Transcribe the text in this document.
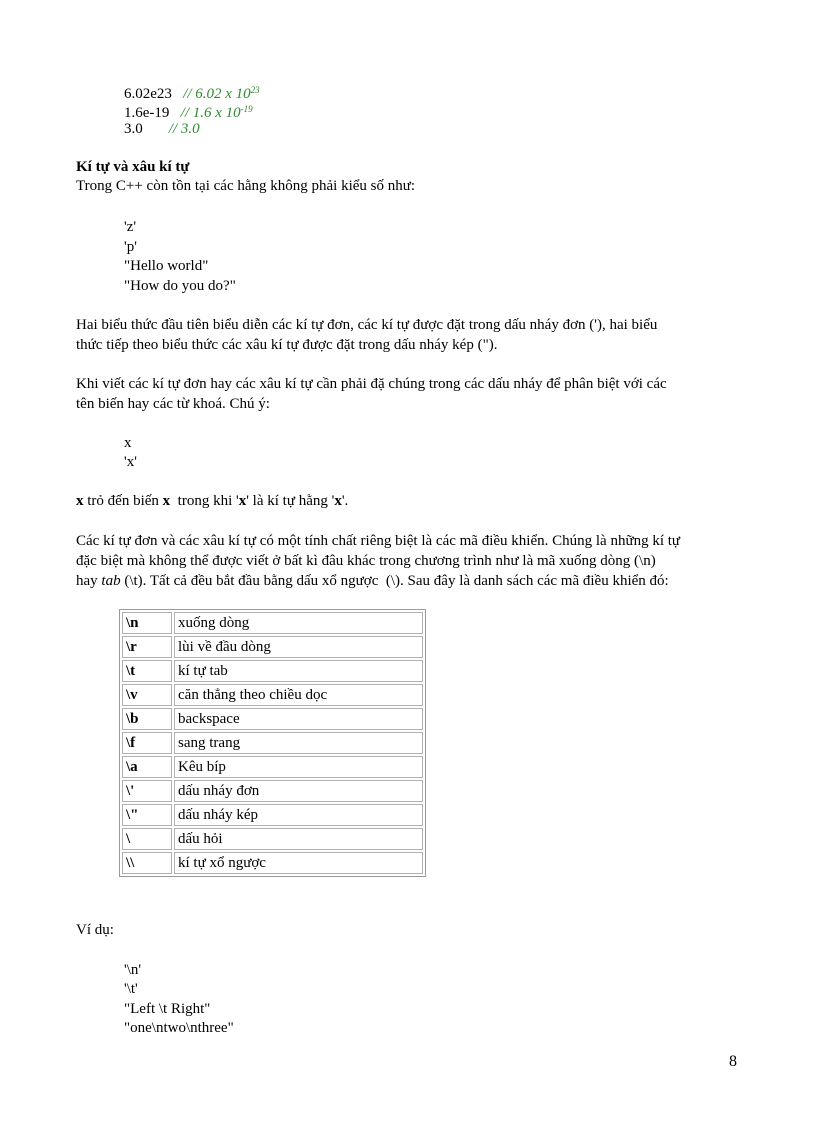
6.02e23 // 6.02 x $10^{23}$
1.6e-19 // 1.6 x $10^{-19}$
3.0 // 3.0
Kí tự và xâu kí tự
Trong C++ còn tồn tại các hằng không phải kiểu số như:
'z'
'p'
"Hello world"
"How do you do?"
Hai biểu thức đầu tiên biểu diễn các kí tự đơn, các kí tự được đặt trong dấu nháy đơn ('), hai biểu
thức tiếp theo biểu thức các xâu kí tự được đặt trong dấu nháy kép (").
Khi viết các kí tự đơn hay các xâu kí tự cần phải đặ chúng trong các dấu nháy để phân biệt với các
tên biến hay các từ khoá. Chú ý:
x
'x'
x trỏ đến biến x  trong khi 'x' là kí tự hằng 'x'.
Các kí tự đơn và các xâu kí tự có một tính chất riêng biệt là các mã điều khiển. Chúng là những kí tự
đặc biệt mà không thể được viết ở bất kì đâu khác trong chương trình như là mã xuống dòng (\n)
hay tab (\t). Tất cả đều bắt đầu bằng dấu xổ ngược  (\). Sau đây là danh sách các mã điều khiển đó:
\n	xuống dòng
\r	lùi về đầu dòng
\t	kí tự tab
\v	căn thẳng theo chiều dọc
\b	backspace
\f	sang trang
\a	Kêu bíp
\'	dấu nháy đơn
\"	dấu nháy kép
\	dấu hỏi
\\	kí tự xổ ngược
Ví dụ:
'\n'
'\t'
"Left \t Right"
"one\ntwo\nthree"
8
